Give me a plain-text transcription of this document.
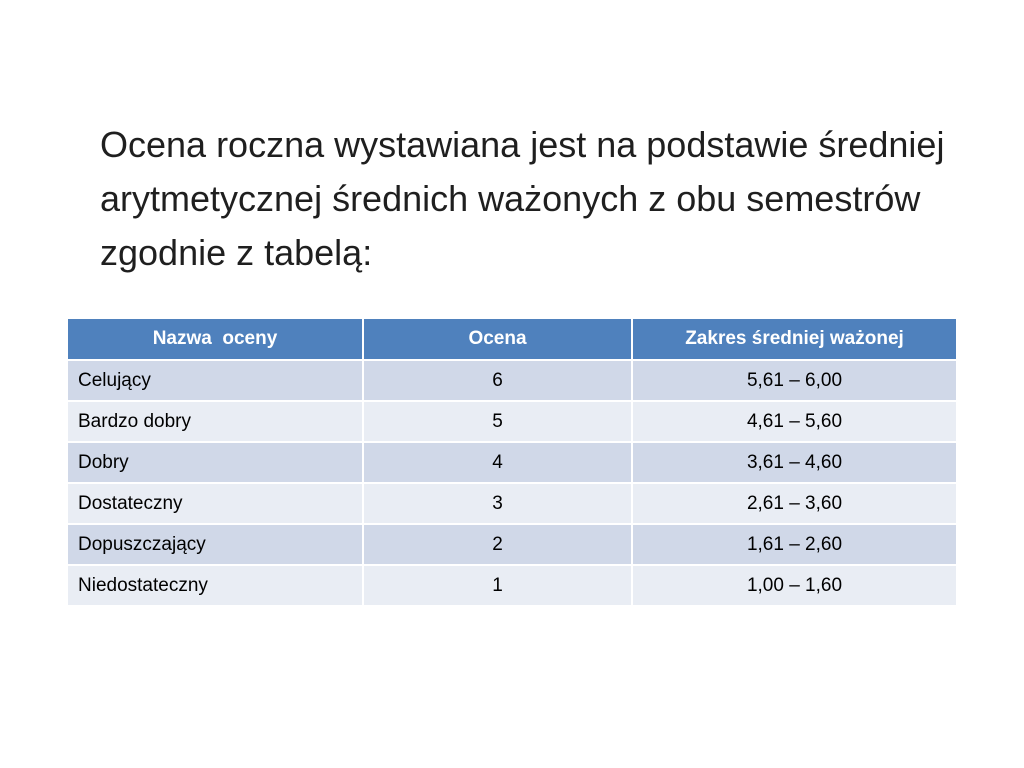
Ocena roczna wystawiana jest na podstawie średniej arytmetycznej średnich ważonych z obu semestrów zgodnie z tabelą:

Nazwa  oceny	Ocena	Zakres średniej ważonej
Celujący	6	5,61 – 6,00
Bardzo dobry	5	4,61 – 5,60
Dobry	4	3,61 – 4,60
Dostateczny	3	2,61 – 3,60
Dopuszczający	2	1,61 – 2,60
Niedostateczny	1	1,00 – 1,60
